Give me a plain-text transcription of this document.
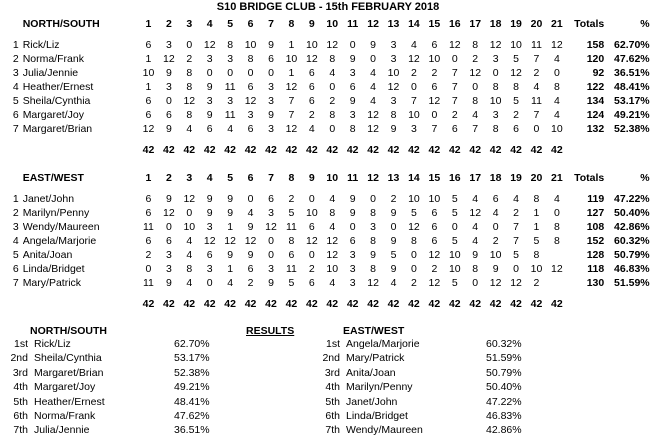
S10 BRIDGE CLUB - 15th FEBRUARY 2018
	NORTH/SOUTH	1	2	3	4	5	6	7	8	9	10	11	12	13	14	15	16	17	18	19	20	21	Totals	%	

1	Rick/Liz	6	3	0	12	8	10	9	1	10	12	0	9	3	4	6	12	8	12	10	11	12	158	62.70%	
2	Norma/Frank	1	12	2	3	3	8	6	10	12	8	9	0	3	12	10	0	2	3	5	7	4	120	47.62%	
3	Julia/Jennie	10	9	8	0	0	0	0	1	6	4	3	4	10	2	2	7	12	0	12	2	0	92	36.51%	
4	Heather/Ernest	1	3	8	9	11	6	3	12	6	0	6	4	12	0	6	7	0	8	8	4	8	122	48.41%	
5	Sheila/Cynthia	6	0	12	3	3	12	3	7	6	2	9	4	3	7	12	7	8	10	5	11	4	134	53.17%	
6	Margaret/Joy	6	6	8	9	11	3	9	7	2	8	3	12	8	10	0	2	4	3	2	7	4	124	49.21%	
7	Margaret/Brian	12	9	4	6	4	6	3	12	4	0	8	12	9	3	7	6	7	8	6	0	10	132	52.38%	

		42	42	42	42	42	42	42	42	42	42	42	42	42	42	42	42	42	42	42	42	42			
	EAST/WEST	1	2	3	4	5	6	7	8	9	10	11	12	13	14	15	16	17	18	19	20	21	Totals	%	

1	Janet/John	6	9	12	9	9	0	6	2	0	4	9	0	2	10	10	5	4	6	4	8	4	119	47.22%	
2	Marilyn/Penny	6	12	0	9	9	4	3	5	10	8	9	8	9	5	6	5	12	4	2	1	0	127	50.40%	
3	Wendy/Maureen	11	0	10	3	1	9	12	11	6	4	0	3	0	12	6	0	4	0	7	1	8	108	42.86%	
4	Angela/Marjorie	6	6	4	12	12	12	0	8	12	12	6	8	9	8	6	5	4	2	7	5	8	152	60.32%	
5	Anita/Joan	2	3	4	6	9	9	0	6	0	12	3	9	5	0	12	10	9	10	5	8		128	50.79%	
6	Linda/Bridget	0	3	8	3	1	6	3	11	2	10	3	8	9	0	2	10	8	9	0	10	12	118	46.83%	
7	Mary/Patrick	11	9	4	0	4	2	9	5	6	4	3	12	4	2	12	5	0	12	12	2		130	51.59%	

		42	42	42	42	42	42	42	42	42	42	42	42	42	42	42	42	42	42	42	42	42			
NORTH/SOUTH	RESULTS	EAST/WEST
1st	Rick/Liz	62.70%
2nd	Sheila/Cynthia	53.17%
3rd	Margaret/Brian	52.38%
4th	Margaret/Joy	49.21%
5th	Heather/Ernest	48.41%
6th	Norma/Frank	47.62%
7th	Julia/Jennie	36.51%
1st	Angela/Marjorie	60.32%
2nd	Mary/Patrick	51.59%
3rd	Anita/Joan	50.79%
4th	Marilyn/Penny	50.40%
5th	Janet/John	47.22%
6th	Linda/Bridget	46.83%
7th	Wendy/Maureen	42.86%
